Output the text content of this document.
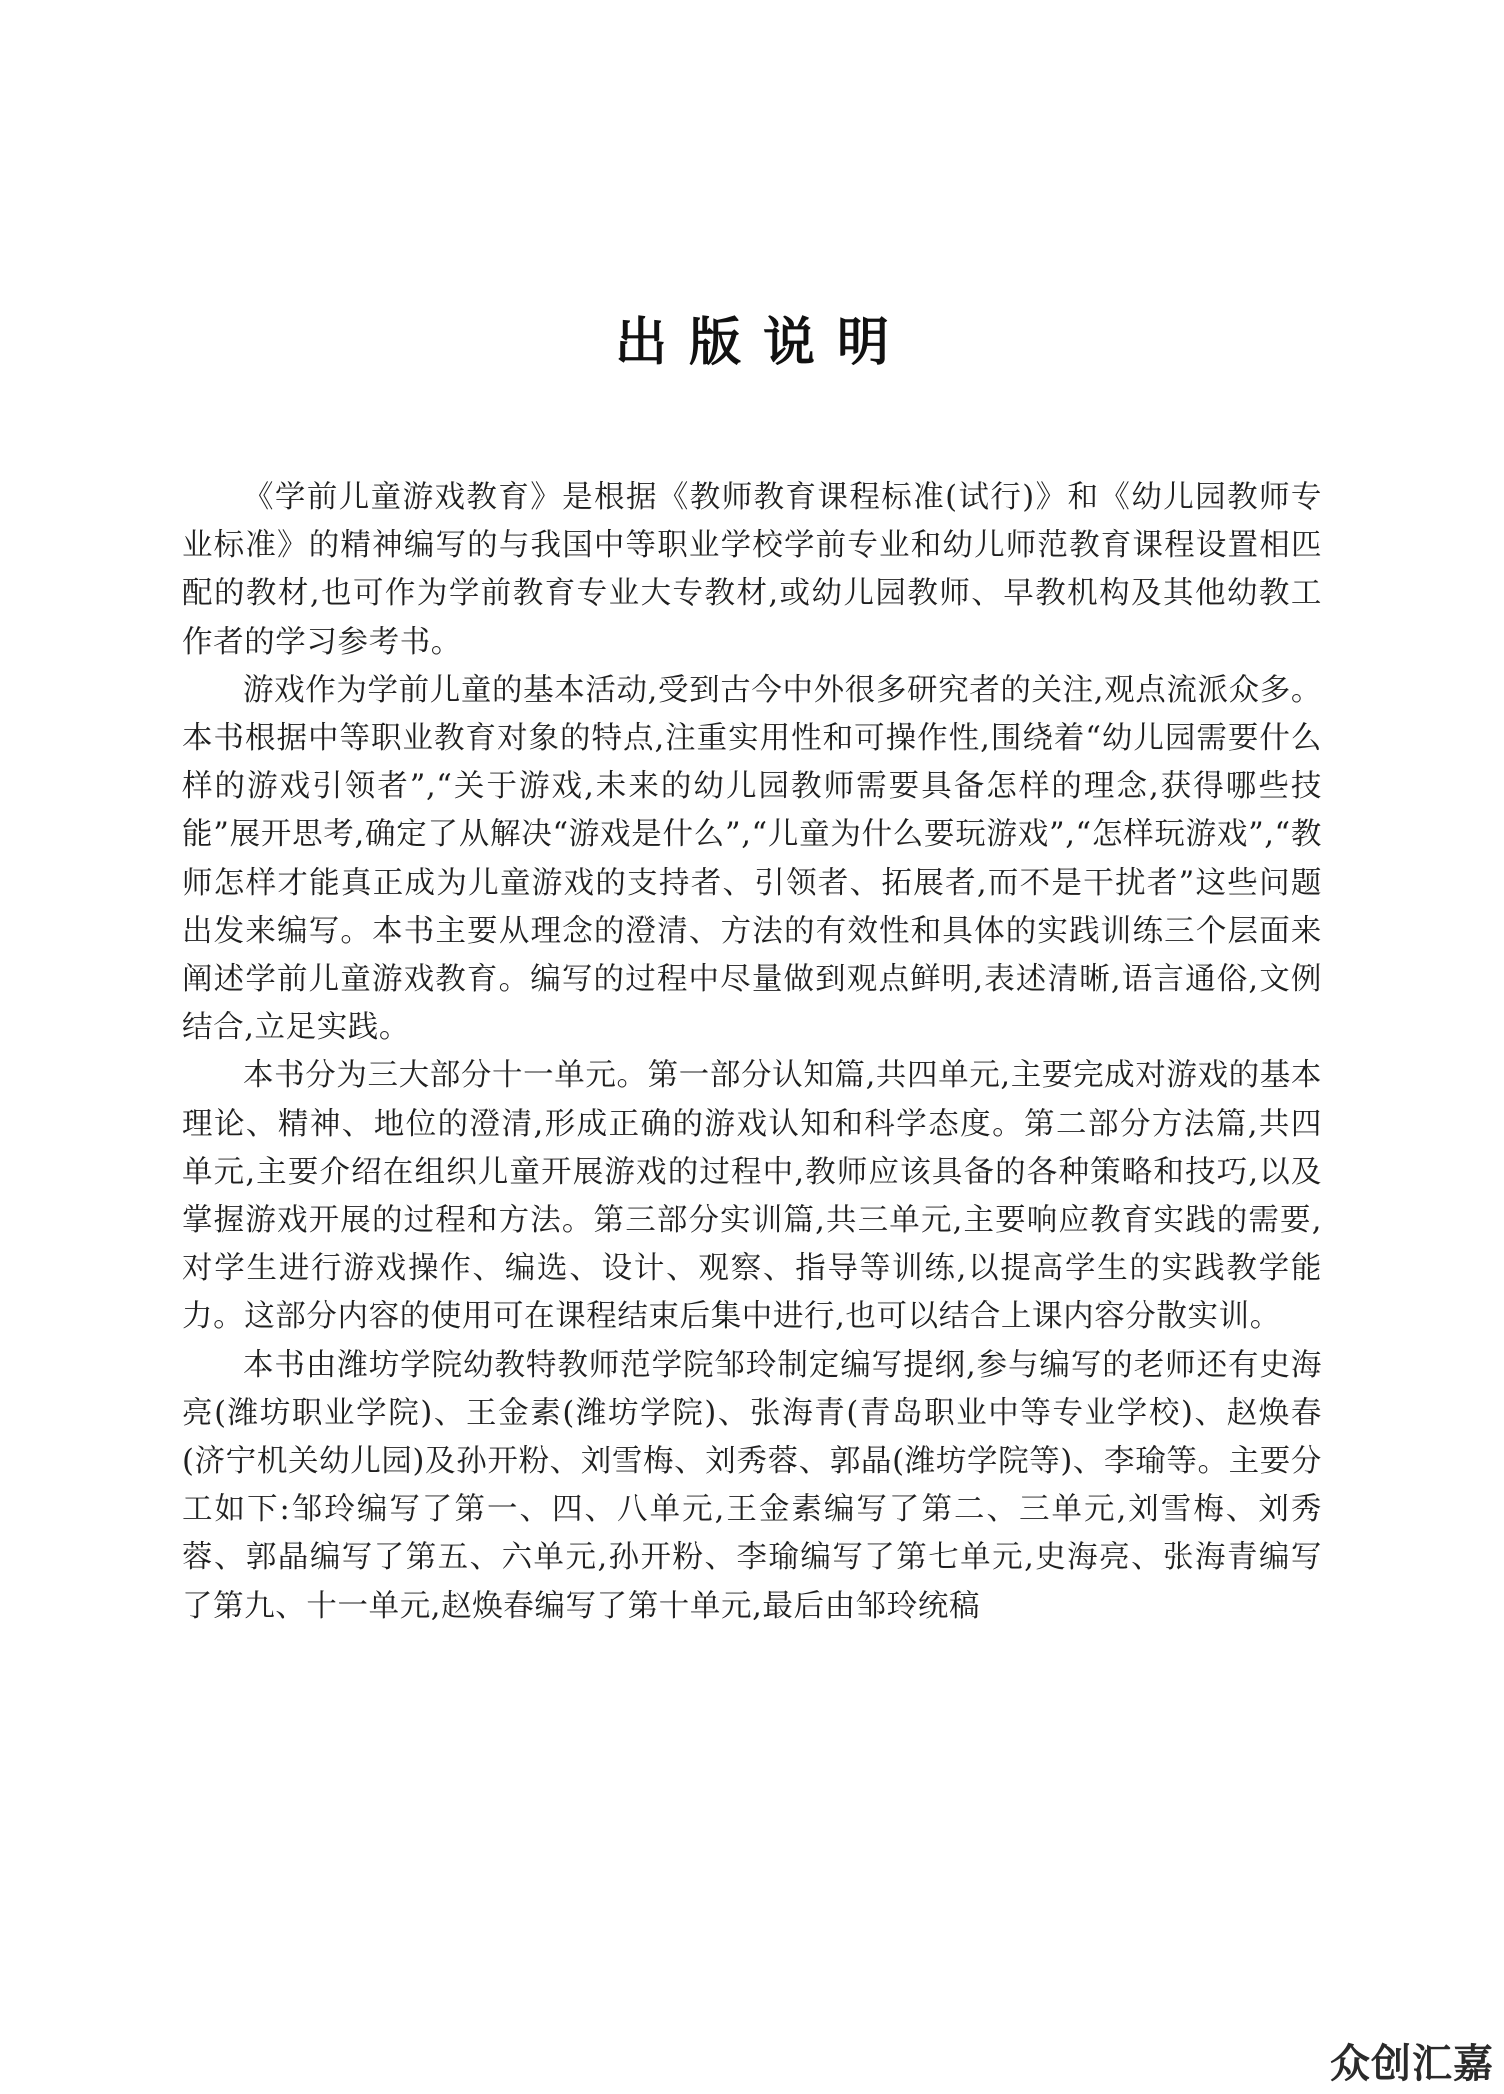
出版说明

《学前儿童游戏教育》是根据《教师教育课程标准(试行)》和《幼儿园教师专业标准》的精神编写的与我国中等职业学校学前专业和幼儿师范教育课程设置相匹配的教材,也可作为学前教育专业大专教材,或幼儿园教师、早教机构及其他幼教工作者的学习参考书。

游戏作为学前儿童的基本活动,受到古今中外很多研究者的关注,观点流派众多。本书根据中等职业教育对象的特点,注重实用性和可操作性,围绕着“幼儿园需要什么样的游戏引领者”,“关于游戏,未来的幼儿园教师需要具备怎样的理念,获得哪些技能”展开思考,确定了从解决“游戏是什么”,“儿童为什么要玩游戏”,“怎样玩游戏”,“教师怎样才能真正成为儿童游戏的支持者、引领者、拓展者,而不是干扰者”这些问题出发来编写。本书主要从理念的澄清、方法的有效性和具体的实践训练三个层面来阐述学前儿童游戏教育。编写的过程中尽量做到观点鲜明,表述清晰,语言通俗,文例结合,立足实践。

本书分为三大部分十一单元。第一部分认知篇,共四单元,主要完成对游戏的基本理论、精神、地位的澄清,形成正确的游戏认知和科学态度。第二部分方法篇,共四单元,主要介绍在组织儿童开展游戏的过程中,教师应该具备的各种策略和技巧,以及掌握游戏开展的过程和方法。第三部分实训篇,共三单元,主要响应教育实践的需要,对学生进行游戏操作、编选、设计、观察、指导等训练,以提高学生的实践教学能力。这部分内容的使用可在课程结束后集中进行,也可以结合上课内容分散实训。

本书由潍坊学院幼教特教师范学院邹玲制定编写提纲,参与编写的老师还有史海亮(潍坊职业学院)、王金素(潍坊学院)、张海青(青岛职业中等专业学校)、赵焕春(济宁机关幼儿园)及孙开粉、刘雪梅、刘秀蓉、郭晶(潍坊学院等)、李瑜等。主要分工如下:邹玲编写了第一、四、八单元,王金素编写了第二、三单元,刘雪梅、刘秀蓉、郭晶编写了第五、六单元,孙开粉、李瑜编写了第七单元,史海亮、张海青编写了第九、十一单元,赵焕春编写了第十单元,最后由邹玲统稿

众创汇嘉
